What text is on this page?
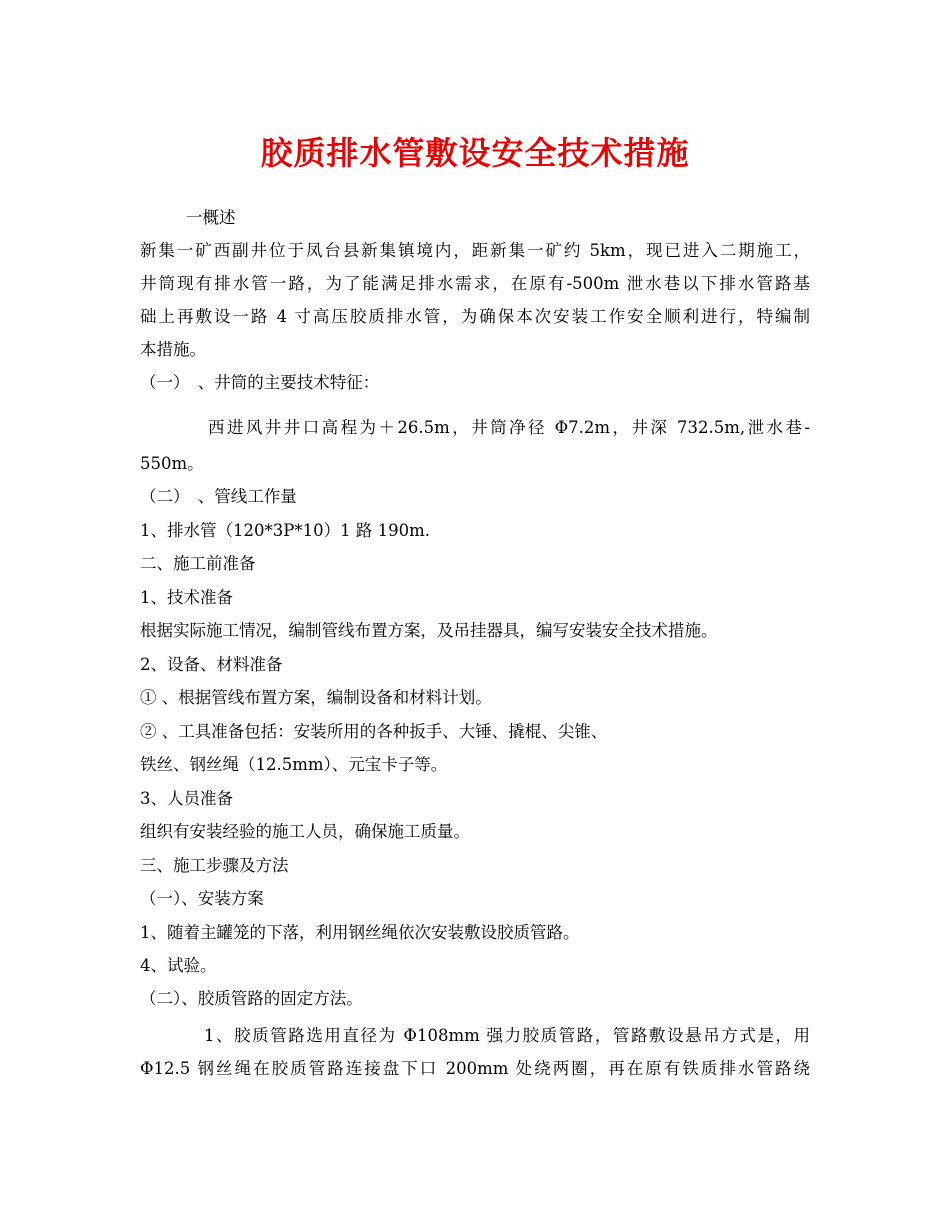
胶质排水管敷设安全技术措施

一概述

新集一矿西副井位于凤台县新集镇境内，距新集一矿约 5km，现已进入二期施工，

井筒现有排水管一路，为了能满足排水需求，在原有-500m 泄水巷以下排水管路基

础上再敷设一路 4 寸高压胶质排水管，为确保本次安装工作安全顺利进行，特编制

本措施。

（一）　、井筒的主要技术特征：

西进风井井口高程为＋26.5m，井筒净径 Φ7.2m，井深 732.5m,泄水巷-

550m。

（二）　、管线工作量

1、排水管（120*3P*10）1 路 190m.

二、施工前准备

1、技术准备

根据实际施工情况，编制管线布置方案，及吊挂器具，编写安装安全技术措施。

2、设备、材料准备

① 、根据管线布置方案，编制设备和材料计划。

② 、工具准备包括：安装所用的各种扳手、大锤、撬棍、尖锥、

铁丝、钢丝绳（12.5mm）、元宝卡子等。

3、人员准备

组织有安装经验的施工人员，确保施工质量。

三、施工步骤及方法

（一）、安装方案

1、随着主罐笼的下落，利用钢丝绳依次安装敷设胶质管路。

4、试验。

（二）、胶质管路的固定方法。

1、胶质管路选用直径为 Φ108mm 强力胶质管路，管路敷设悬吊方式是，用

Φ12.5 钢丝绳在胶质管路连接盘下口 200mm 处绕两圈，再在原有铁质排水管路绕
